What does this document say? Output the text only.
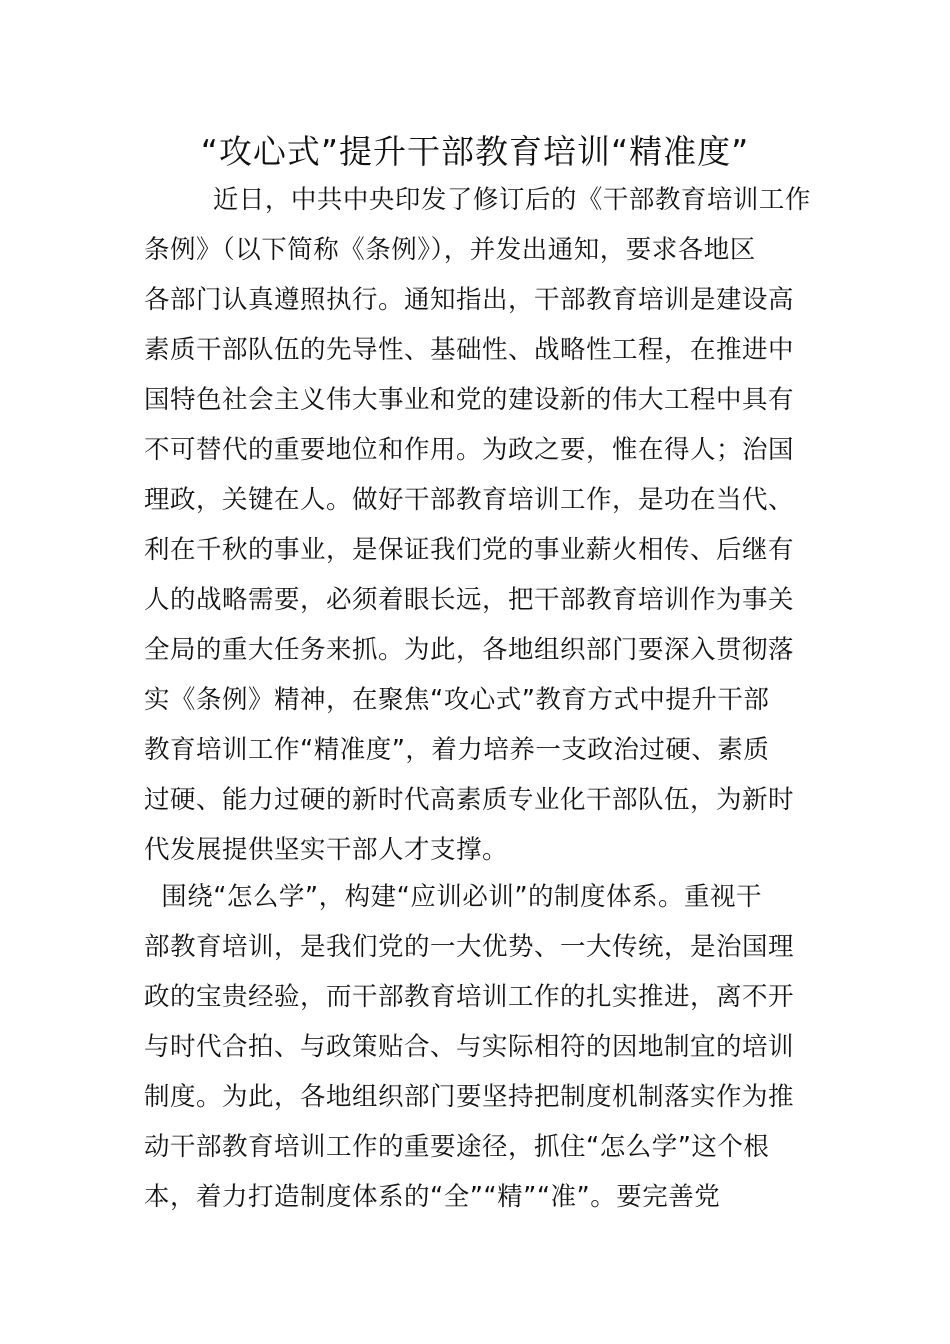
“攻心式”提升干部教育培训“精准度”
近日，中共中央印发了修订后的《干部教育培训工作
条例》（以下简称《条例》），并发出通知，要求各地区
各部门认真遵照执行。通知指出，干部教育培训是建设高
素质干部队伍的先导性、基础性、战略性工程，在推进中
国特色社会主义伟大事业和党的建设新的伟大工程中具有
不可替代的重要地位和作用。为政之要，惟在得人；治国
理政，关键在人。做好干部教育培训工作，是功在当代、
利在千秋的事业，是保证我们党的事业薪火相传、后继有
人的战略需要，必须着眼长远，把干部教育培训作为事关
全局的重大任务来抓。为此，各地组织部门要深入贯彻落
实《条例》精神，在聚焦“攻心式”教育方式中提升干部
教育培训工作“精准度”，着力培养一支政治过硬、素质
过硬、能力过硬的新时代高素质专业化干部队伍，为新时
代发展提供坚实干部人才支撑。
围绕“怎么学”，构建“应训必训”的制度体系。重视干
部教育培训，是我们党的一大优势、一大传统，是治国理
政的宝贵经验，而干部教育培训工作的扎实推进，离不开
与时代合拍、与政策贴合、与实际相符的因地制宜的培训
制度。为此，各地组织部门要坚持把制度机制落实作为推
动干部教育培训工作的重要途径，抓住“怎么学”这个根
本，着力打造制度体系的“全”“精”“准”。要完善党
